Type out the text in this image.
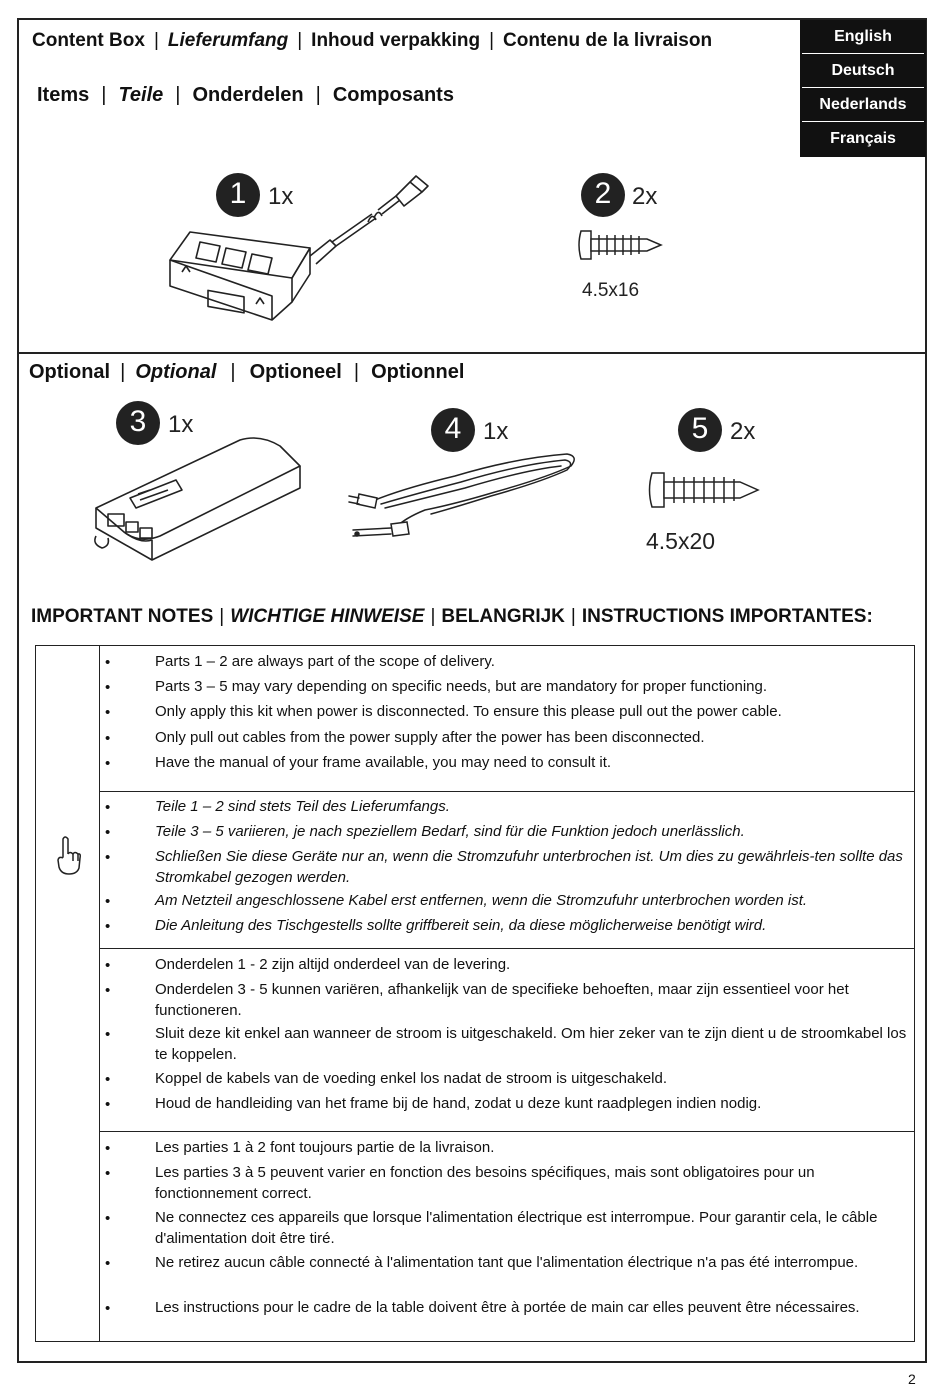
Content Box | Lieferumfang | Inhoud verpakking | Contenu de la livraison
Items | Teile | Onderdelen | Composants
English
Deutsch
Nederlands
Français
1 1x	2 2x
4.5x16
Optional | Optional | Optioneel | Optionnel
3 1x	4 1x	5 2x
4.5x20
IMPORTANT NOTES | WICHTIGE HINWEISE | BELANGRIJK | INSTRUCTIONS IMPORTANTES:
•	Parts 1 – 2 are always part of the scope of delivery.
•	Parts 3 – 5 may vary depending on specific needs, but are mandatory for proper functioning.
•	Only apply this kit when power is disconnected. To ensure this please pull out the power cable.
•	Only pull out cables from the power supply after the power has been disconnected.
•	Have the manual of your frame available, you may need to consult it.
•	Teile 1 – 2 sind stets Teil des Lieferumfangs.
•	Teile 3 – 5 variieren, je nach speziellem Bedarf, sind für die Funktion jedoch unerlässlich.
•	Schließen Sie diese Geräte nur an, wenn die Stromzufuhr unterbrochen ist. Um dies zu gewährleis-ten sollte das Stromkabel gezogen werden.
•	Am Netzteil angeschlossene Kabel erst entfernen, wenn die Stromzufuhr unterbrochen worden ist.
•	Die Anleitung des Tischgestells sollte griffbereit sein, da diese möglicherweise benötigt wird.
•	Onderdelen 1 - 2 zijn altijd onderdeel van de levering.
•	Onderdelen 3 - 5 kunnen variëren, afhankelijk van de specifieke behoeften, maar zijn essentieel voor het functioneren.
•	Sluit deze kit enkel aan wanneer de stroom is uitgeschakeld. Om hier zeker van te zijn dient u de stroomkabel los te koppelen.
•	Koppel de kabels van de voeding enkel los nadat de stroom is uitgeschakeld.
•	Houd de handleiding van het frame bij de hand, zodat u deze kunt raadplegen indien nodig.
•	Les parties 1 à 2 font toujours partie de la livraison.
•	Les parties 3 à 5 peuvent varier en fonction des besoins spécifiques, mais sont obligatoires pour un fonctionnement correct.
•	Ne connectez ces appareils que lorsque l'alimentation électrique est interrompue. Pour garantir cela, le câble d'alimentation doit être tiré.
•	Ne retirez aucun câble connecté à l'alimentation tant que l'alimentation électrique n'a pas été interrompue.
•	Les instructions pour le cadre de la table doivent être à portée de main car elles peuvent être nécessaires.
2
